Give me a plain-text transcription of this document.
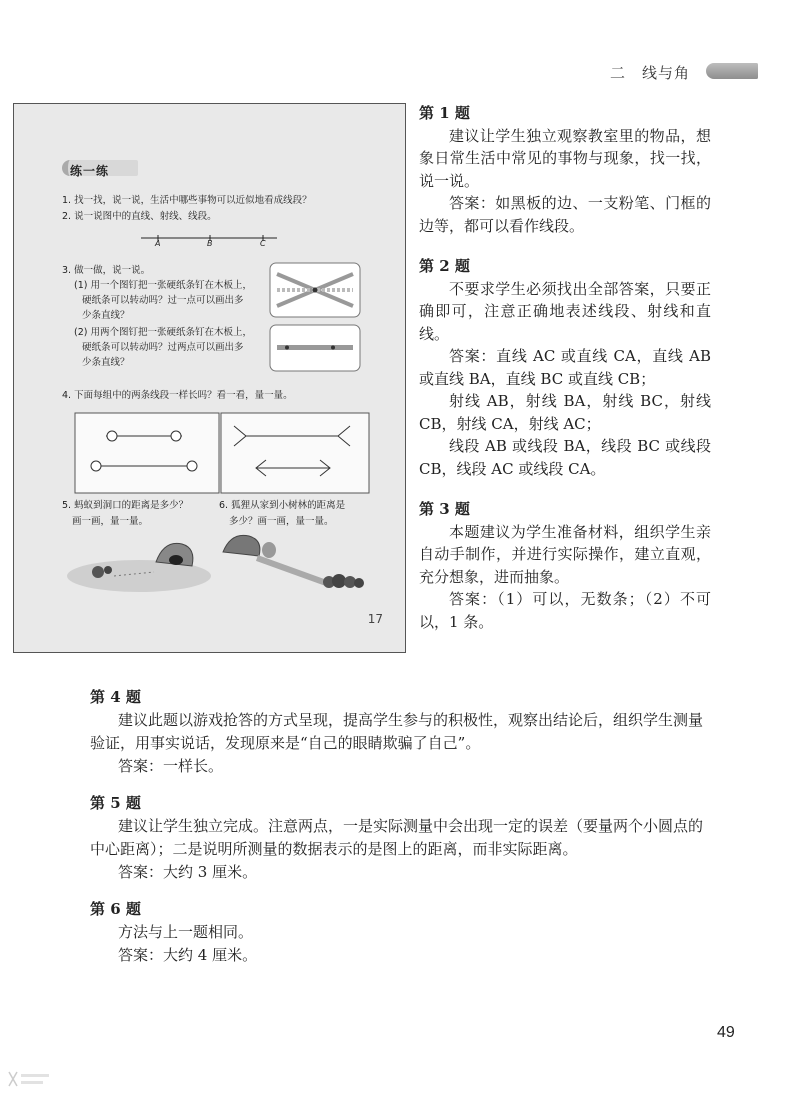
二　线与角
练一练
1. 找一找，说一说，生活中哪些事物可以近似地看成线段？
2. 说一说图中的直线、射线、线段。
A	B	C
3. 做一做，说一说。
(1) 用一个图钉把一张硬纸条钉在木板上，
硬纸条可以转动吗？过一点可以画出多
少条直线？
(2) 用两个图钉把一张硬纸条钉在木板上，
硬纸条可以转动吗？过两点可以画出多
少条直线？
4. 下面每组中的两条线段一样长吗？看一看，量一量。
5. 蚂蚁到洞口的距离是多少？
画一画，量一量。
6. 狐狸从家到小树林的距离是
多少？画一画，量一量。
17

第 1 题

建议让学生独立观察教室里的物品，想象日常生活中常见的事物与现象，找一找，说一说。

答案：如黑板的边、一支粉笔、门框的边等，都可以看作线段。

第 2 题

不要求学生必须找出全部答案，只要正确即可，注意正确地表述线段、射线和直线。

答案：直线 AC 或直线 CA，直线 AB 或直线 BA，直线 BC 或直线 CB；

射线 AB，射线 BA，射线 BC，射线 CB，射线 CA，射线 AC；

线段 AB 或线段 BA，线段 BC 或线段 CB，线段 AC 或线段 CA。

第 3 题

本题建议为学生准备材料，组织学生亲自动手制作，并进行实际操作，建立直观，充分想象，进而抽象。

答案：（1）可以，无数条；（2）不可以，1 条。

第 4 题

建议此题以游戏抢答的方式呈现，提高学生参与的积极性，观察出结论后，组织学生测量验证，用事实说话，发现原来是“自己的眼睛欺骗了自己”。

答案：一样长。

第 5 题

建议让学生独立完成。注意两点，一是实际测量中会出现一定的误差（要量两个小圆点的中心距离）；二是说明所测量的数据表示的是图上的距离，而非实际距离。

答案：大约 3 厘米。

第 6 题

方法与上一题相同。

答案：大约 4 厘米。

49
